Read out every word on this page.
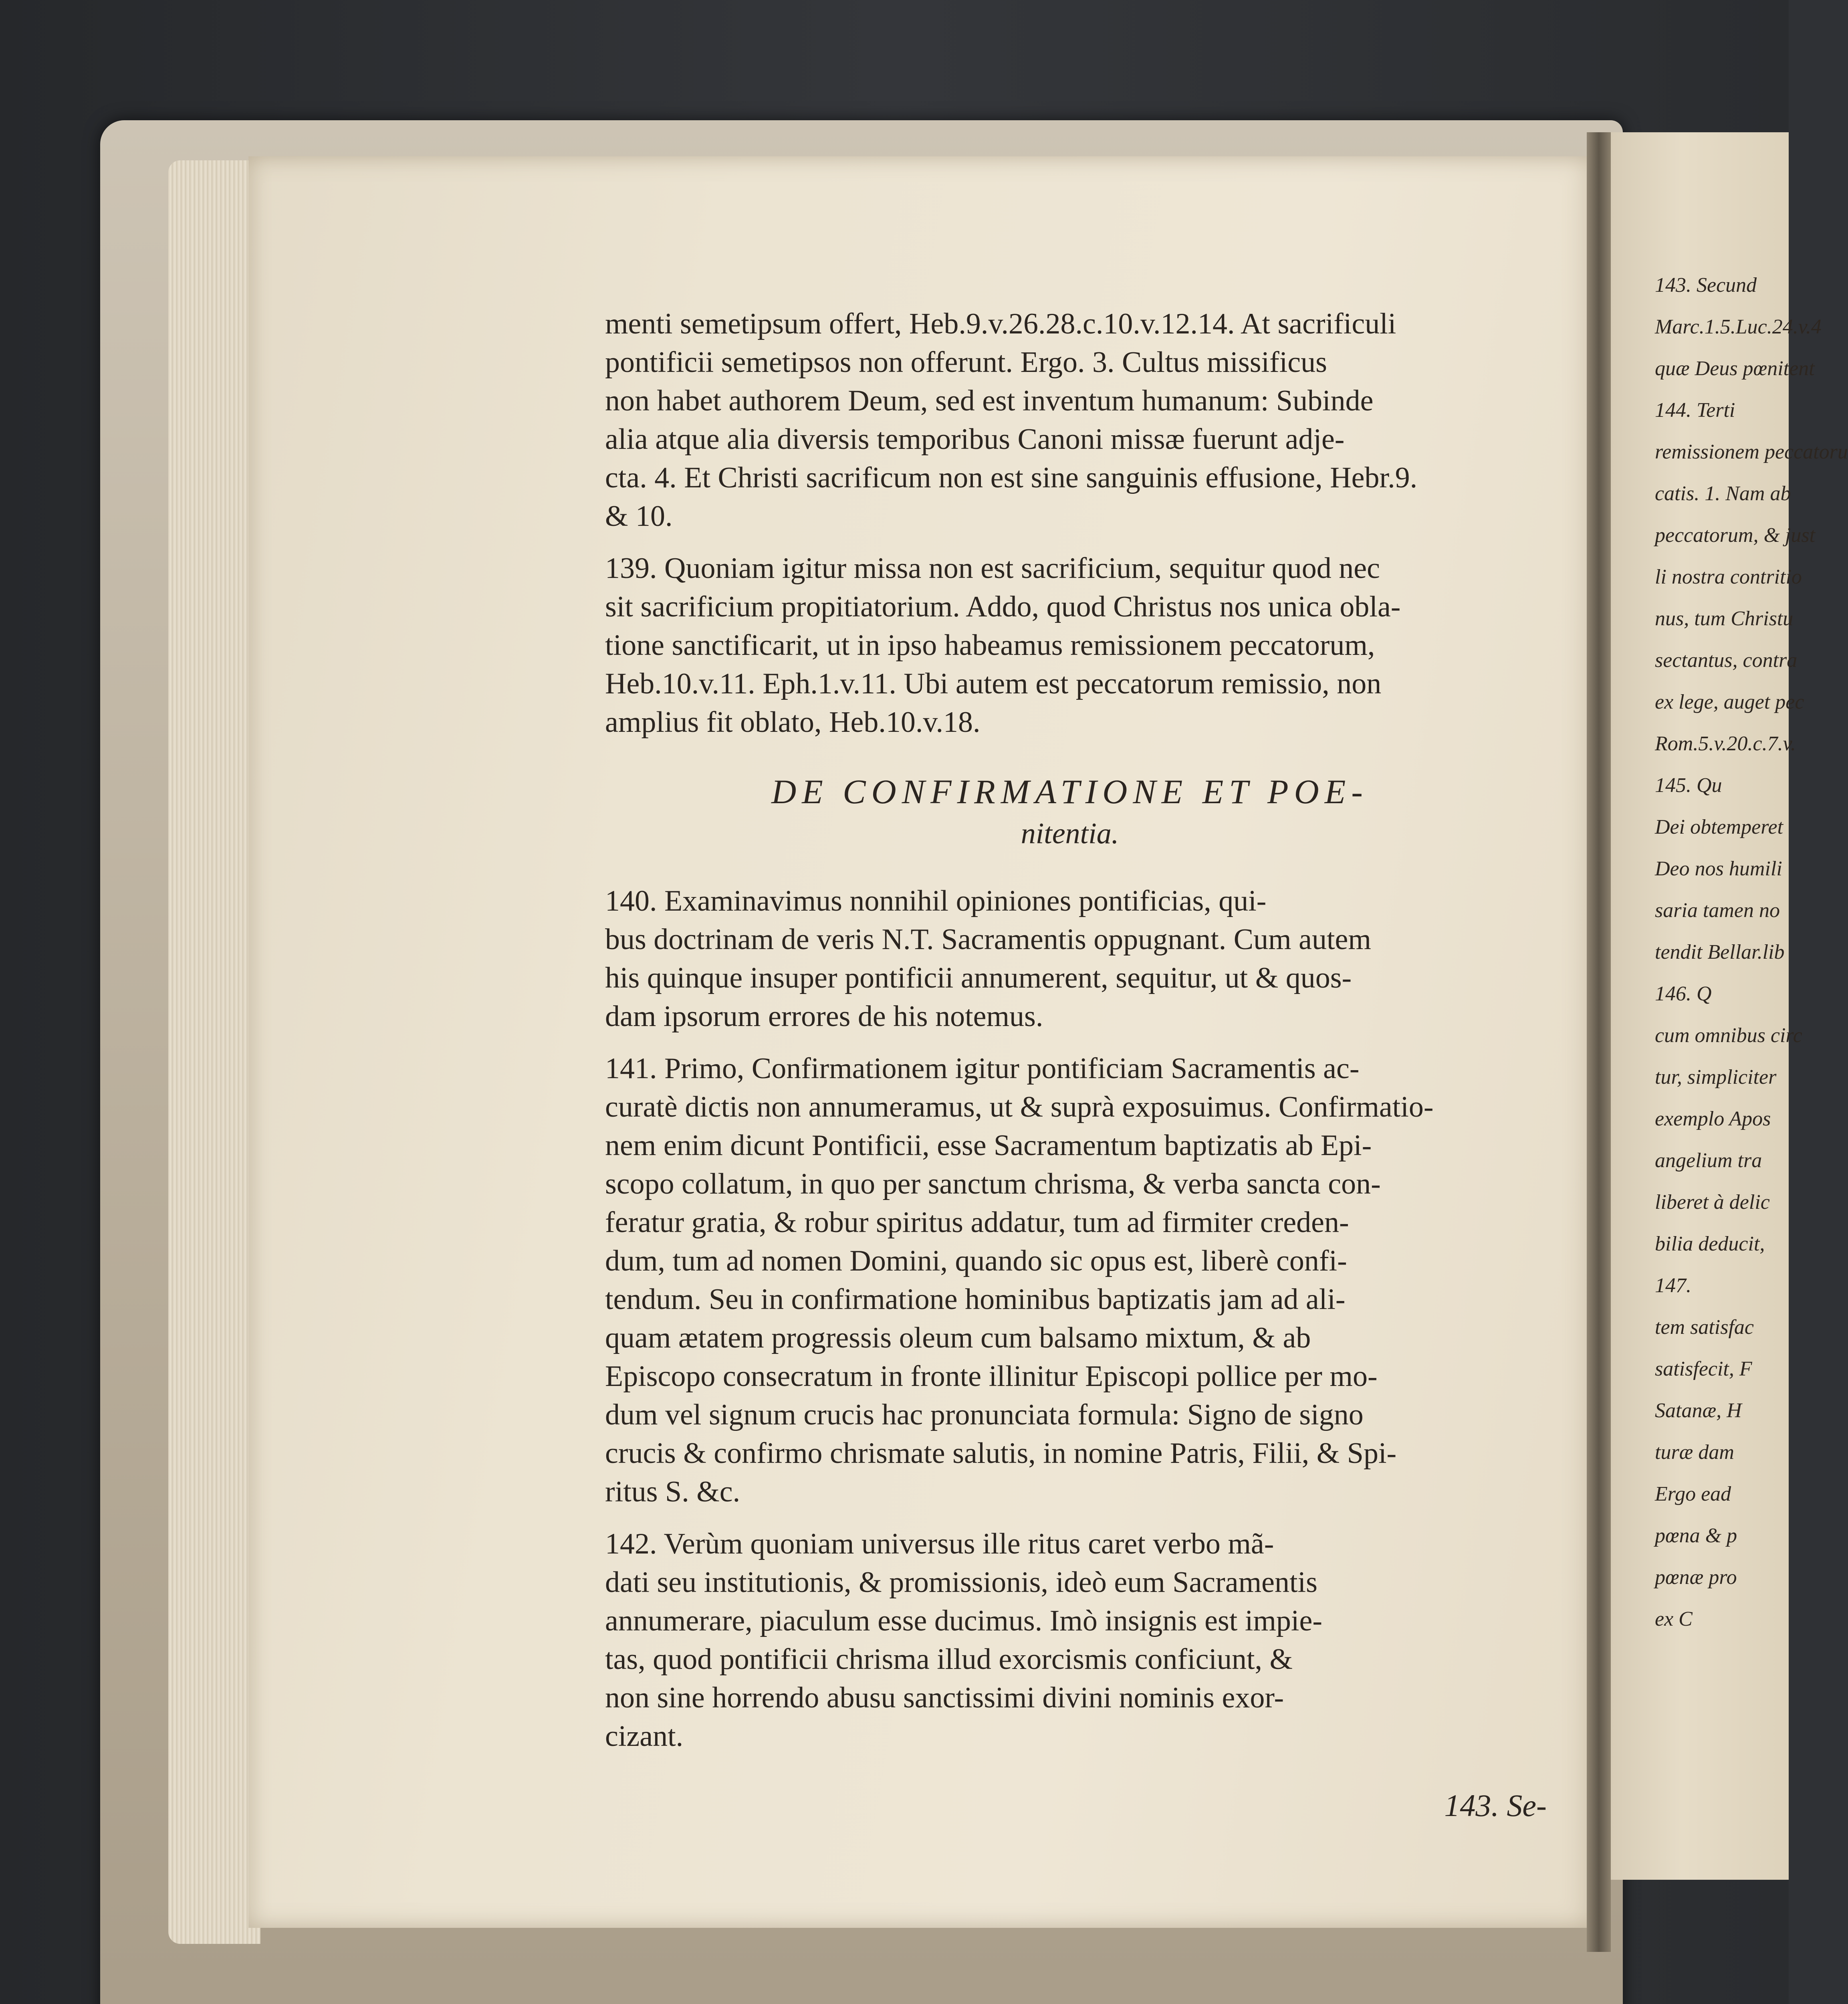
menti semetipsum offert, Heb.9.v.26.28.c.10.v.12.14. At sacrificuli
pontificii semetipsos non offerunt. Ergo. 3. Cultus missificus
non habet authorem Deum, sed est inventum humanum: Subinde
alia atque alia diversis temporibus Canoni missæ fuerunt adje-
cta. 4. Et Christi sacrificum non est sine sanguinis effusione, Hebr.9.
& 10.
139. Quoniam igitur missa non est sacrificium, sequitur quod nec
sit sacrificium propitiatorium. Addo, quod Christus nos unica obla-
tione sanctificarit, ut in ipso habeamus remissionem peccatorum,
Heb.10.v.11. Eph.1.v.11. Ubi autem est peccatorum remissio, non
amplius fit oblato, Heb.10.v.18.
DE CONFIRMATIONE ET POE-
nitentia.
140. Examinavimus nonnihil opiniones pontificias, qui-
bus doctrinam de veris N.T. Sacramentis oppugnant. Cum autem
his quinque insuper pontificii annumerent, sequitur, ut & quos-
dam ipsorum errores de his notemus.
141. Primo, Confirmationem igitur pontificiam Sacramentis ac-
curatè dictis non annumeramus, ut & suprà exposuimus. Confirmatio-
nem enim dicunt Pontificii, esse Sacramentum baptizatis ab Epi-
scopo collatum, in quo per sanctum chrisma, & verba sancta con-
feratur gratia, & robur spiritus addatur, tum ad firmiter creden-
dum, tum ad nomen Domini, quando sic opus est, liberè confi-
tendum. Seu in confirmatione hominibus baptizatis jam ad ali-
quam ætatem progressis oleum cum balsamo mixtum, & ab
Episcopo consecratum in fronte illinitur Episcopi pollice per mo-
dum vel signum crucis hac pronunciata formula: Signo de signo
crucis & confirmo chrismate salutis, in nomine Patris, Filii, & Spi-
ritus S. &c.
142. Verùm quoniam universus ille ritus caret verbo mã-
dati seu institutionis, & promissionis, ideò eum Sacramentis
annumerare, piaculum esse ducimus. Imò insignis est impie-
tas, quod pontificii chrisma illud exorcismis conficiunt, &
non sine horrendo abusu sanctissimi divini nominis exor-
cizant.
143. Se-
143. Secund
Marc.1.5.Luc.24.v.4
quæ Deus pœnitent
144. Terti
remissionem peccatoru
catis. 1. Nam ab
peccatorum, & just
li nostra contritio
nus, tum Christu
sectantus, contra
ex lege, auget pec
Rom.5.v.20.c.7.v.
145. Qu
Dei obtemperet
Deo nos humili
saria tamen no
tendit Bellar.lib
146. Q
cum omnibus circ
tur, simpliciter
exemplo Apos
angelium tra
liberet à delic
bilia deducit,
147.
tem satisfac
satisfecit, F
Satanæ, H
turæ dam
Ergo ead
pœna & p
pœnæ pro
ex C
